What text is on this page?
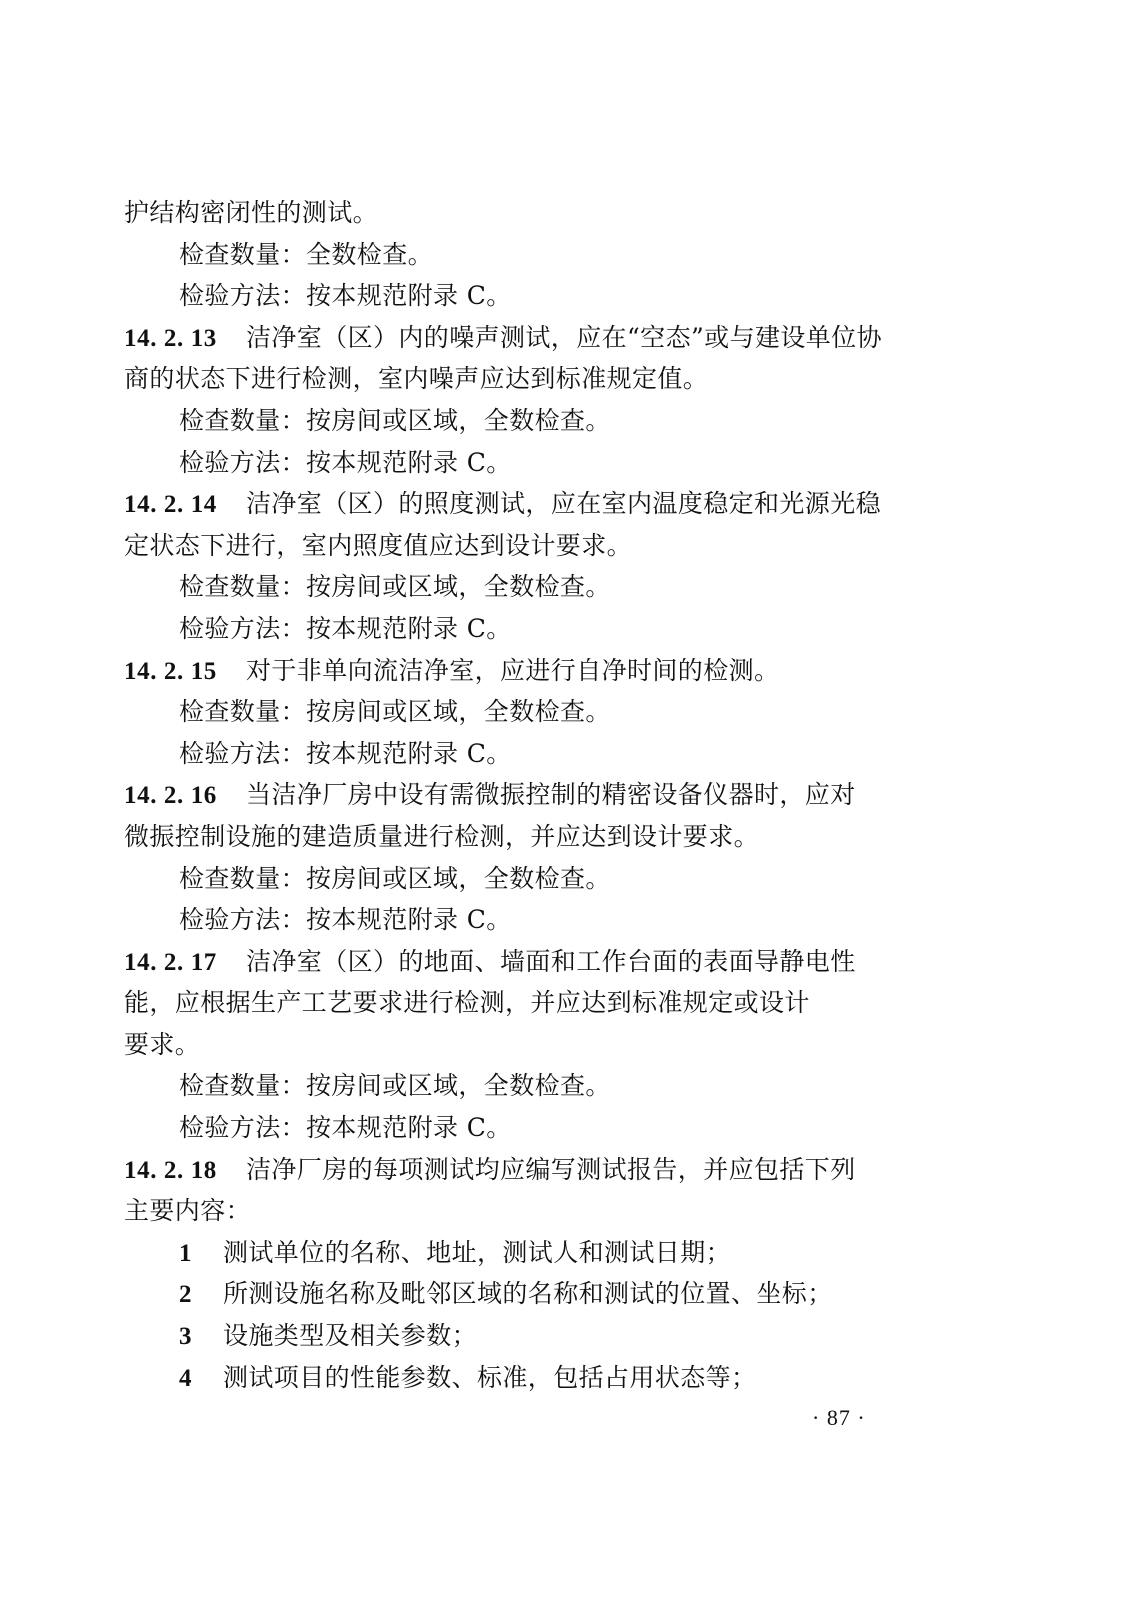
护结构密闭性的测试。

检查数量：全数检查。

检验方法：按本规范附录 C。

14. 2. 13 洁净室（区）内的噪声测试，应在“空态”或与建设单位协

商的状态下进行检测，室内噪声应达到标准规定值。

检查数量：按房间或区域，全数检查。

检验方法：按本规范附录 C。

14. 2. 14 洁净室（区）的照度测试，应在室内温度稳定和光源光稳

定状态下进行，室内照度值应达到设计要求。

检查数量：按房间或区域，全数检查。

检验方法：按本规范附录 C。

14. 2. 15 对于非单向流洁净室，应进行自净时间的检测。

检查数量：按房间或区域，全数检查。

检验方法：按本规范附录 C。

14. 2. 16 当洁净厂房中设有需微振控制的精密设备仪器时，应对

微振控制设施的建造质量进行检测，并应达到设计要求。

检查数量：按房间或区域，全数检查。

检验方法：按本规范附录 C。

14. 2. 17 洁净室（区）的地面、墙面和工作台面的表面导静电性

能，应根据生产工艺要求进行检测，并应达到标准规定或设计

要求。

检查数量：按房间或区域，全数检查。

检验方法：按本规范附录 C。

14. 2. 18 洁净厂房的每项测试均应编写测试报告，并应包括下列

主要内容：

1 测试单位的名称、地址，测试人和测试日期；

2 所测设施名称及毗邻区域的名称和测试的位置、坐标；

3 设施类型及相关参数；

4 测试项目的性能参数、标准，包括占用状态等；

· 87 ·
